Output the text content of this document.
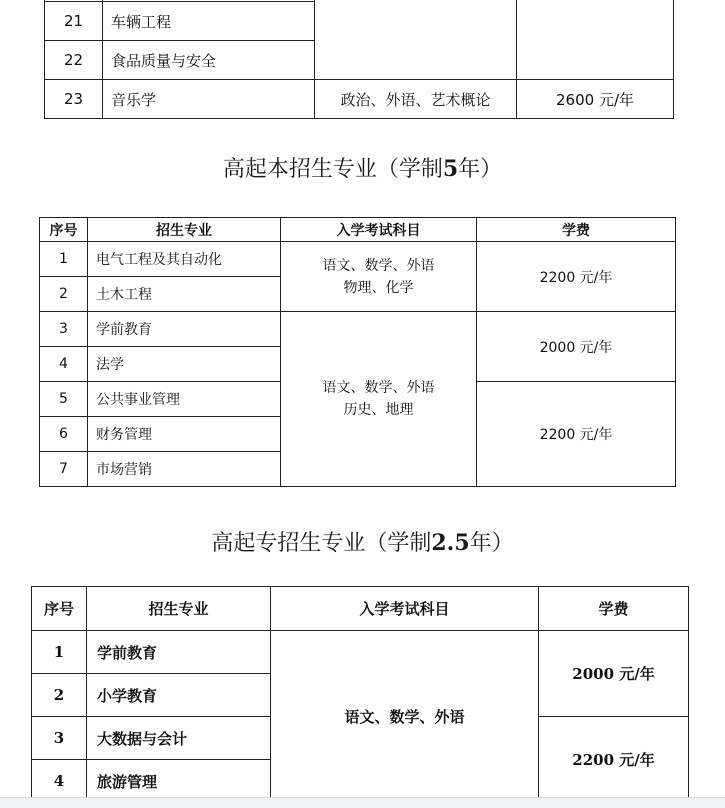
21	车辆工程		
22	食品质量与安全		
23	音乐学	政治、外语、艺术概论	2600 元/年
高起本招生专业（学制5年）
序号	招生专业	入学考试科目	学费
1	电气工程及其自动化	语文、数学、外语
物理、化学	2200 元/年
2	土木工程		
3	学前教育	语文、数学、外语
历史、地理	2000 元/年
4	法学		
5	公共事业管理		2200 元/年
6	财务管理		
7	市场营销		
高起专招生专业（学制2.5年）
序号	招生专业	入学考试科目	学费
1	学前教育	语文、数学、外语	2000 元/年
2	小学教育		
3	大数据与会计		2200 元/年
4	旅游管理		
